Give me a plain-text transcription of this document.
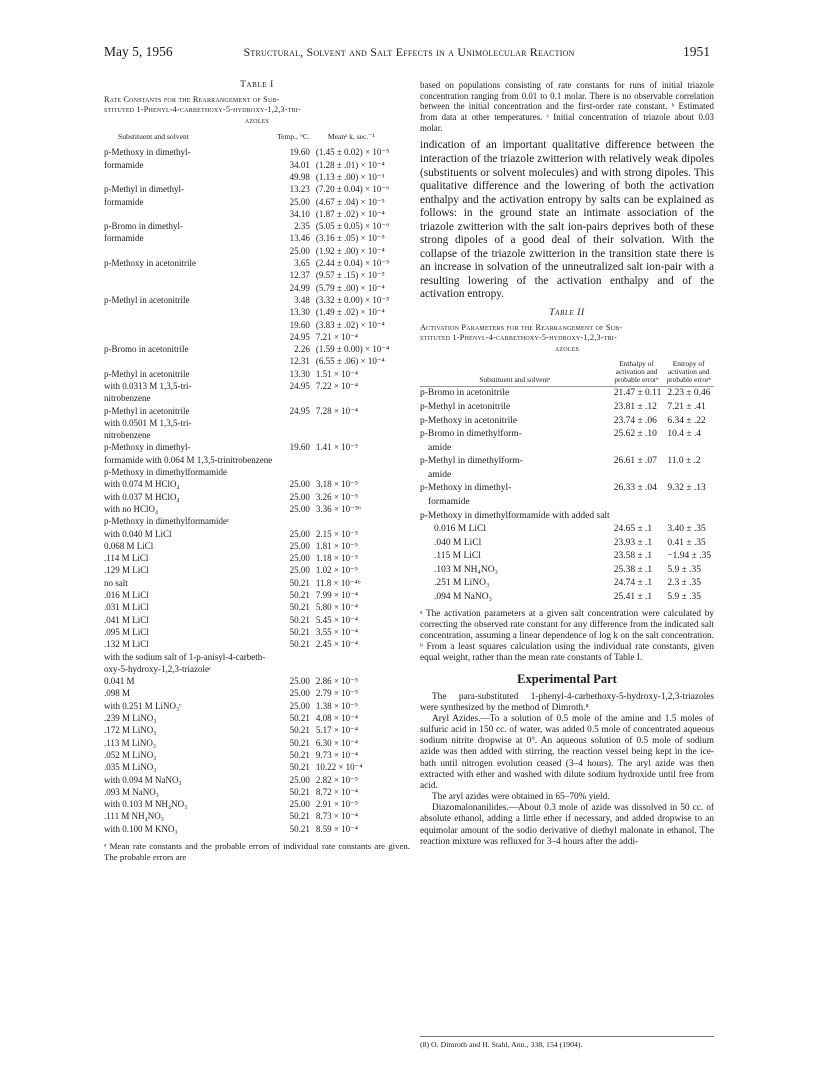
May 5, 1956	Structural, Solvent and Salt Effects in a Unimolecular Reaction	1951
Table I
Rate Constants for the Rearrangement of Sub-
stituted 1-Phenyl-4-carbethoxy-5-hydroxy-1,2,3-tri-
azoles
Substituent and solvent	Temp., °C.	Meanᵃ k, sec.⁻¹
p-Methoxy in dimethyl-	19.60	(1.45 ± 0.02) × 10⁻⁵
formamide	34.01	(1.28 ± .01) × 10⁻⁴
	49.98	(1.13 ± .00) × 10⁻³
p-Methyl in dimethyl-	13.23	(7.20 ± 0.04) × 10⁻⁶
formamide	25.00	(4.67 ± .04) × 10⁻⁵
	34.10	(1.87 ± .02) × 10⁻⁴
p-Bromo in dimethyl-	2.35	(5.05 ± 0.05) × 10⁻⁶
formamide	13.46	(3.16 ± .05) × 10⁻⁵
	25.00	(1.92 ± .00) × 10⁻⁴
p-Methoxy in acetonitrile	3.65	(2.44 ± 0.04) × 10⁻⁵
	12.37	(9.57 ± .15) × 10⁻⁵
	24.99	(5.79 ± .00) × 10⁻⁴
p-Methyl in acetonitrile	3.48	(3.32 ± 0.00) × 10⁻⁵
	13.30	(1.49 ± .02) × 10⁻⁴
	19.60	(3.83 ± .02) × 10⁻⁴
	24.95	7.21 × 10⁻⁴
p-Bromo in acetonitrile	2.26	(1.59 ± 0.00) × 10⁻⁴
	12.31	(6.55 ± .06) × 10⁻⁴
p-Methyl in acetonitrile	13.30	1.51 × 10⁻⁴
with 0.0313 M 1,3,5-tri-	24.95	7.22 × 10⁻⁴
nitrobenzene		
p-Methyl in acetonitrile	24.95	7.28 × 10⁻⁴
with 0.0501 M 1,3,5-tri-		
nitrobenzene		
p-Methoxy in dimethyl-	19.60	1.41 × 10⁻⁵
formamide with 0.064 M 1,3,5-trinitrobenzene		
p-Methoxy in dimethylformamide		
with 0.074 M HClO₄	25.00	3.18 × 10⁻⁵
with 0.037 M HClO₄	25.00	3.26 × 10⁻⁵
with no HClO₄	25.00	3.36 × 10⁻⁵ᵇ
p-Methoxy in dimethylformamideᶜ		
with 0.040 M LiCl	25.00	2.15 × 10⁻⁵
0.068 M LiCl	25.00	1.81 × 10⁻⁵
.114 M LiCl	25.00	1.18 × 10⁻⁵
.129 M LiCl	25.00	1.02 × 10⁻⁵
no salt	50.21	11.8 × 10⁻⁴ᵇ
.016 M LiCl	50.21	7.99 × 10⁻⁴
.031 M LiCl	50.21	5.80 × 10⁻⁴
.041 M LiCl	50.21	5.45 × 10⁻⁴
.095 M LiCl	50.21	3.55 × 10⁻⁴
.132 M LiCl	50.21	2.45 × 10⁻⁴
with the sodium salt of 1-p-anisyl-4-carbeth-		
oxy-5-hydroxy-1,2,3-triazoleᶜ		
0.041 M	25.00	2.86 × 10⁻⁵
.098 M	25.00	2.79 × 10⁻⁵
with 0.251 M LiNO₃ᶜ	25.00	1.38 × 10⁻⁵
.239 M LiNO₃	50.21	4.08 × 10⁻⁴
.172 M LiNO₃	50.21	5.17 × 10⁻⁴
.113 M LiNO₃	50.21	6.30 × 10⁻⁴
.052 M LiNO₃	50.21	9.73 × 10⁻⁴
.035 M LiNO₃	50.21	10.22 × 10⁻⁴
with 0.094 M NaNO₃	25.00	2.82 × 10⁻⁵
.093 M NaNO₃	50.21	8.72 × 10⁻⁴
with 0.103 M NH₄NO₃	25.00	2.91 × 10⁻⁵
.111 M NH₄NO₃	50.21	8.73 × 10⁻⁴
with 0.100 M KNO₃	50.21	8.59 × 10⁻⁴
ᵃ Mean rate constants and the probable errors of individual rate constants are given. The probable errors are
based on populations consisting of rate constants for runs of initial triazole concentration ranging from 0.01 to 0.1 molar. There is no observable correlation between the initial concentration and the first-order rate constant. ᵇ Estimated from data at other temperatures. ᶜ Initial concentration of triazole about 0.03 molar.
indication of an important qualitative difference between the interaction of the triazole zwitterion with relatively weak dipoles (substituents or solvent molecules) and with strong dipoles. This qualitative difference and the lowering of both the activation enthalpy and the activation entropy by salts can be explained as follows: in the ground state an intimate association of the triazole zwitterion with the salt ion-pairs deprives both of these strong dipoles of a good deal of their solvation. With the collapse of the triazole zwitterion in the transition state there is an increase in solvation of the unneutralized salt ion-pair with a resulting lowering of the activation enthalpy and of the activation entropy.
Table II
Activation Parameters for the Rearrangement of Sub-
stituted 1-Phenyl-4-carbethoxy-5-hydroxy-1,2,3-tri-
azoles
Substituent and solventᵃ	Enthalpy of activation and probable errorᵇ	Entropy of activation and probable errorᵇ
p-Bromo in acetonitrile	21.47 ± 0.11	2.23 ± 0.46
p-Methyl in acetonitrile	23.81 ± .12	7.21 ± .41
p-Methoxy in acetonitrile	23.74 ± .06	6.34 ± .22
p-Bromo in dimethylform-	25.62 ± .10	10.4 ± .4
amide		
p-Methyl in dimethylform-	26.61 ± .07	11.0 ± .2
amide		
p-Methoxy in dimethyl-	26.33 ± .04	9.32 ± .13
formamide		
p-Methoxy in dimethylformamide with added salt		
0.016 M LiCl	24.65 ± .1	3.40 ± .35
.040 M LiCl	23.93 ± .1	0.41 ± .35
.115 M LiCl	23.58 ± .1	−1.94 ± .35
.103 M NH₄NO₃	25.38 ± .1	5.9 ± .35
.251 M LiNO₃	24.74 ± .1	2.3 ± .35
.094 M NaNO₃	25.41 ± .1	5.9 ± .35
ᵃ The activation parameters at a given salt concentration were calculated by correcting the observed rate constant for any difference from the indicated salt concentration, assuming a linear dependence of log k on the salt concentration. ᵇ From a least squares calculation using the individual rate constants, given equal weight, rather than the mean rate constants of Table I.
Experimental Part
The para-substituted 1-phenyl-4-carbethoxy-5-hydroxy-1,2,3-triazoles were synthesized by the method of Dimroth.⁸
Aryl Azides.—To a solution of 0.5 mole of the amine and 1.5 moles of sulfuric acid in 150 cc. of water, was added 0.5 mole of concentrated aqueous sodium nitrite dropwise at 0°. An aqueous solution of 0.5 mole of sodium azide was then added with stirring, the reaction vessel being kept in the ice-bath until nitrogen evolution ceased (3–4 hours). The aryl azide was then extracted with ether and washed with dilute sodium hydroxide until free from acid.
The aryl azides were obtained in 65–70% yield.
Diazomalonanilides.—About 0.3 mole of azide was dissolved in 50 cc. of absolute ethanol, adding a little ether if necessary, and added dropwise to an equimolar amount of the sodio derivative of diethyl malonate in ethanol. The reaction mixture was refluxed for 3–4 hours after the addi-
(8) O. Dimroth and H. Stahl, Ann., 338, 154 (1904).
